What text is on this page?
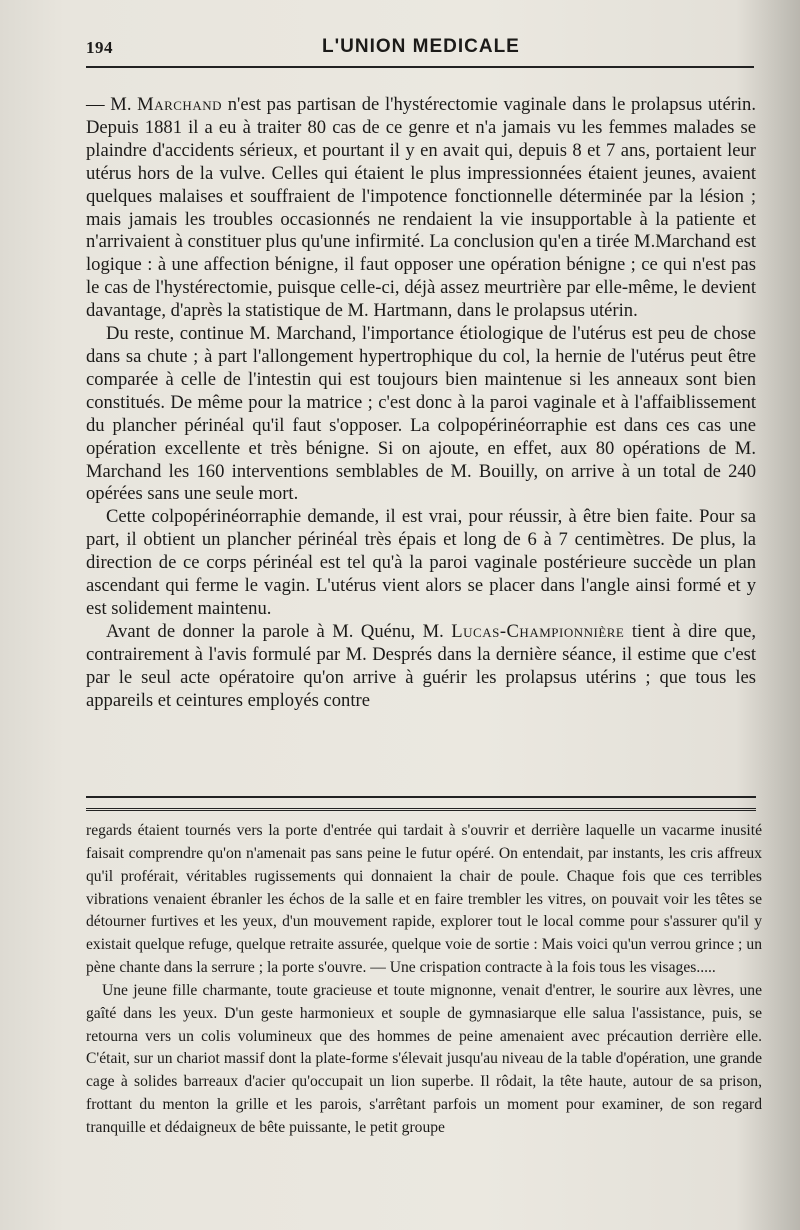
194	L'UNION MEDICALE

— M. Marchand n'est pas partisan de l'hystérectomie vaginale dans le prolapsus utérin. Depuis 1881 il a eu à traiter 80 cas de ce genre et n'a jamais vu les femmes malades se plaindre d'accidents sérieux, et pourtant il y en avait qui, depuis 8 et 7 ans, portaient leur utérus hors de la vulve. Celles qui étaient le plus impressionnées étaient jeunes, avaient quelques malaises et souffraient de l'impotence fonctionnelle déterminée par la lésion ; mais jamais les troubles occasionnés ne rendaient la vie insupportable à la patiente et n'arrivaient à constituer plus qu'une infirmité. La conclusion qu'en a tirée M.Marchand est logique : à une affection bénigne, il faut opposer une opération bénigne ; ce qui n'est pas le cas de l'hystérectomie, puisque celle-ci, déjà assez meurtrière par elle-même, le devient davantage, d'après la statistique de M. Hartmann, dans le prolapsus utérin.

Du reste, continue M. Marchand, l'importance étiologique de l'utérus est peu de chose dans sa chute ; à part l'allongement hypertrophique du col, la hernie de l'utérus peut être comparée à celle de l'intestin qui est toujours bien maintenue si les anneaux sont bien constitués. De même pour la matrice ; c'est donc à la paroi vaginale et à l'affaiblissement du plancher périnéal qu'il faut s'opposer. La colpopérinéorraphie est dans ces cas une opération excellente et très bénigne. Si on ajoute, en effet, aux 80 opérations de M. Marchand les 160 interventions semblables de M. Bouilly, on arrive à un total de 240 opérées sans une seule mort.

Cette colpopérinéorraphie demande, il est vrai, pour réussir, à être bien faite. Pour sa part, il obtient un plancher périnéal très épais et long de 6 à 7 centimètres. De plus, la direction de ce corps périnéal est tel qu'à la paroi vaginale postérieure succède un plan ascendant qui ferme le vagin. L'utérus vient alors se placer dans l'angle ainsi formé et y est solidement maintenu.

Avant de donner la parole à M. Quénu, M. Lucas-Championnière tient à dire que, contrairement à l'avis formulé par M. Després dans la dernière séance, il estime que c'est par le seul acte opératoire qu'on arrive à guérir les prolapsus utérins ; que tous les appareils et ceintures employés contre

regards étaient tournés vers la porte d'entrée qui tardait à s'ouvrir et derrière laquelle un vacarme inusité faisait comprendre qu'on n'amenait pas sans peine le futur opéré. On entendait, par instants, les cris affreux qu'il proférait, véritables rugissements qui donnaient la chair de poule. Chaque fois que ces terribles vibrations venaient ébranler les échos de la salle et en faire trembler les vitres, on pouvait voir les têtes se détourner furtives et les yeux, d'un mouvement rapide, explorer tout le local comme pour s'assurer qu'il y existait quelque refuge, quelque retraite assurée, quelque voie de sortie : Mais voici qu'un verrou grince ; un pène chante dans la serrure ; la porte s'ouvre. — Une crispation contracte à la fois tous les visages.....

Une jeune fille charmante, toute gracieuse et toute mignonne, venait d'entrer, le sourire aux lèvres, une gaîté dans les yeux. D'un geste harmonieux et souple de gymnasiarque elle salua l'assistance, puis, se retourna vers un colis volumineux que des hommes de peine amenaient avec précaution derrière elle. C'était, sur un chariot massif dont la plate-forme s'élevait jusqu'au niveau de la table d'opération, une grande cage à solides barreaux d'acier qu'occupait un lion superbe. Il rôdait, la tête haute, autour de sa prison, frottant du menton la grille et les parois, s'arrêtant parfois un moment pour examiner, de son regard tranquille et dédaigneux de bête puissante, le petit groupe
